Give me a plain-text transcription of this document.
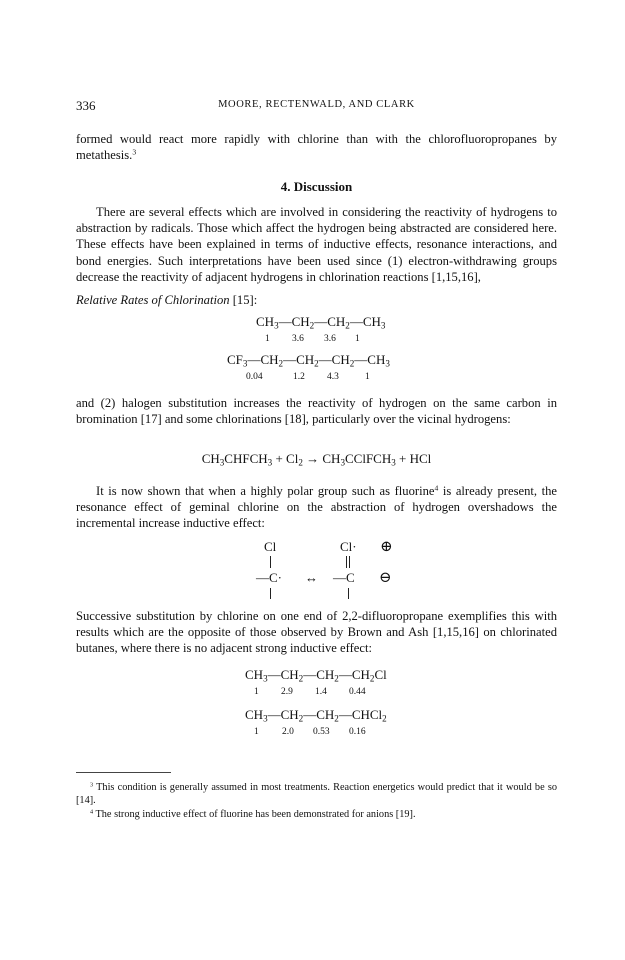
336	MOORE, RECTENWALD, AND CLARK
formed would react more rapidly with chlorine than with the chlorofluoropropanes by metathesis.$^3$
4. Discussion
There are several effects which are involved in considering the reactivity of hydrogens to abstraction by radicals. Those which affect the hydrogen being abstracted are considered here. These effects have been explained in terms of inductive effects, resonance interactions, and bond energies. Such interpretations have been used since (1) electron-withdrawing groups decrease the reactivity of adjacent hydrogens in chlorination reactions [1,15,16],
Relative Rates of Chlorination [15]:
$CH_3—CH_2—CH_2—CH_3$
1 3.6 3.6 1
$CF_3—CH_2—CH_2—CH_2—CH_3$
0.04	1.2 4.3	1
and (2) halogen substitution increases the reactivity of hydrogen on the same carbon in bromination [17] and some chlorinations [18], particularly over the vicinal hydrogens:
$CH_3CHFCH_3 + Cl_2$ → $CH_3CClFCH_3$ + HCl
It is now shown that when a highly polar group such as fluorine$^4$ is already present, the resonance effect of geminal chlorine on the abstraction of hydrogen overshadows the incremental increase inductive effect:
Cl
—C· ↔
Cl· ⊕
—C ⊖
Successive substitution by chlorine on one end of 2,2-difluoropropane exemplifies this with results which are the opposite of those observed by Brown and Ash [1,15,16] on chlorinated butanes, where there is no adjacent strong inductive effect:
$CH_3—CH_2—CH_2—CH_2Cl$
1 2.9 1.4 0.44
$CH_3—CH_2—CH_2—CHCl_2$
1 2.0 0.53 0.16
$^3$ This condition is generally assumed in most treatments. Reaction energetics would predict that it would be so [14].
$^4$ The strong inductive effect of fluorine has been demonstrated for anions [19].
